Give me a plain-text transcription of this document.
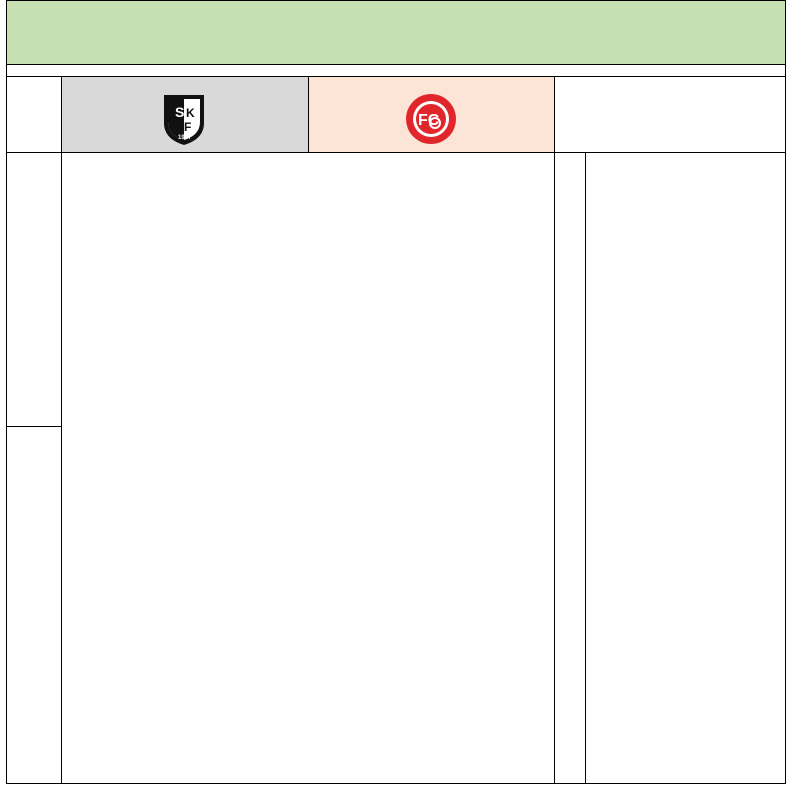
S K
F
1947
FC
